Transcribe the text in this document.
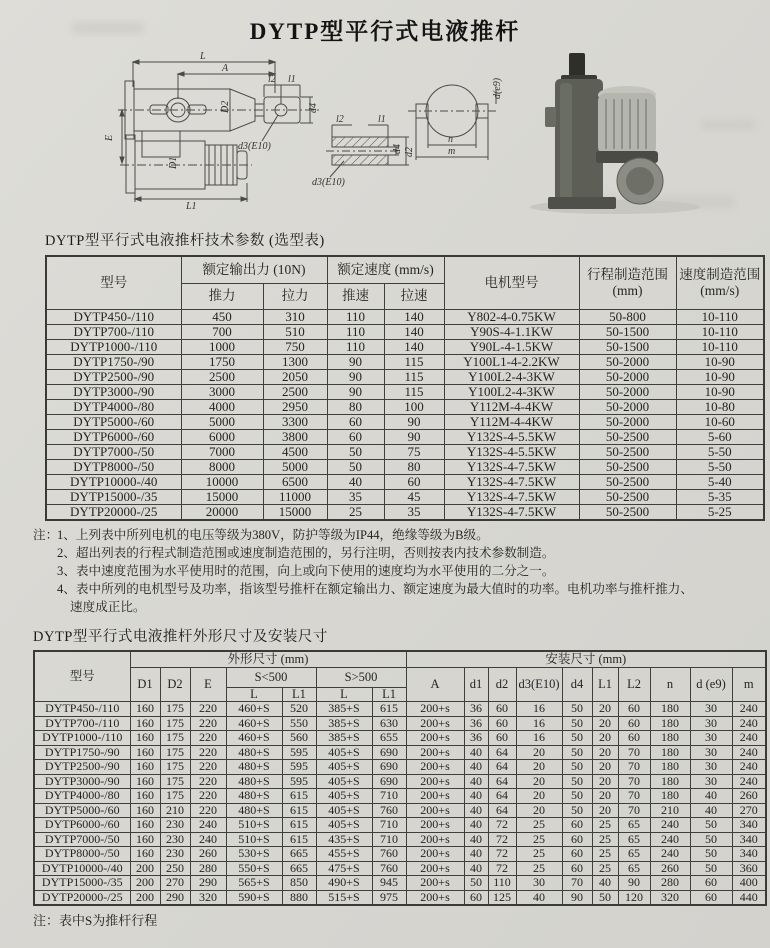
DYTP型平行式电液推杆
L
A
l2 l1
D2	d4
d3(E10)
E
D1
L1
l2	l1
d4 d2
d3(E10)
n
m
d(e9)
DYTP型平行式电液推杆技术参数 (选型表)
型号	额定输出力 (10N)		额定速度 (mm/s)		电机型号	行程制造范围 (mm)	速度制造范围 (mm/s)
	推力	拉力	推速	拉速			
DYTP450-/110	450	310	110	140	Y802-4-0.75KW	50-800	10-110
DYTP700-/110	700	510	110	140	Y90S-4-1.1KW	50-1500	10-110
DYTP1000-/110	1000	750	110	140	Y90L-4-1.5KW	50-1500	10-110
DYTP1750-/90	1750	1300	90	115	Y100L1-4-2.2KW	50-2000	10-90
DYTP2500-/90	2500	2050	90	115	Y100L2-4-3KW	50-2000	10-90
DYTP3000-/90	3000	2500	90	115	Y100L2-4-3KW	50-2000	10-90
DYTP4000-/80	4000	2950	80	100	Y112M-4-4KW	50-2000	10-80
DYTP5000-/60	5000	3300	60	90	Y112M-4-4KW	50-2000	10-60
DYTP6000-/60	6000	3800	60	90	Y132S-4-5.5KW	50-2500	5-60
DYTP7000-/50	7000	4500	50	75	Y132S-4-5.5KW	50-2500	5-50
DYTP8000-/50	8000	5000	50	80	Y132S-4-7.5KW	50-2500	5-50
DYTP10000-/40	10000	6500	40	60	Y132S-4-7.5KW	50-2500	5-40
DYTP15000-/35	15000	11000	35	45	Y132S-4-7.5KW	50-2500	5-35
DYTP20000-/25	20000	15000	25	35	Y132S-4-7.5KW	50-2500	5-25
注：
1、上列表中所列电机的电压等级为380V，防护等级为IP44，绝缘等级为B级。
2、超出列表的行程式制造范围或速度制造范围的，另行注明，否则按表内技术参数制造。
3、表中速度范围为水平使用时的范围，向上或向下使用的速度均为水平使用的二分之一。
4、表中所列的电机型号及功率，指该型号推杆在额定输出力、额定速度为最大值时的功率。电机功率与推杆推力、
速度成正比。
DYTP型平行式电液推杆外形尺寸及安装尺寸
型号	外形尺寸 (mm)							安装尺寸 (mm)									
	D1	D2	E	S<500		S>500		A	d1	d2	d3(E10)	d4	L1	L2	n	d (e9)	m
				L	L1	L	L1										
DYTP450-/110	160	175	220	460+S	520	385+S	615	200+s	36	60	16	50	20	60	180	30	240
DYTP700-/110	160	175	220	460+S	550	385+S	630	200+s	36	60	16	50	20	60	180	30	240
DYTP1000-/110	160	175	220	460+S	560	385+S	655	200+s	36	60	16	50	20	60	180	30	240
DYTP1750-/90	160	175	220	480+S	595	405+S	690	200+s	40	64	20	50	20	70	180	30	240
DYTP2500-/90	160	175	220	480+S	595	405+S	690	200+s	40	64	20	50	20	70	180	30	240
DYTP3000-/90	160	175	220	480+S	595	405+S	690	200+s	40	64	20	50	20	70	180	30	240
DYTP4000-/80	160	175	220	480+S	615	405+S	710	200+s	40	64	20	50	20	70	180	40	260
DYTP5000-/60	160	210	220	480+S	615	405+S	760	200+s	40	64	20	50	20	70	210	40	270
DYTP6000-/60	160	230	240	510+S	615	405+S	710	200+s	40	72	25	60	25	65	240	50	340
DYTP7000-/50	160	230	240	510+S	615	435+S	710	200+s	40	72	25	60	25	65	240	50	340
DYTP8000-/50	160	230	260	530+S	665	455+S	760	200+s	40	72	25	60	25	65	240	50	340
DYTP10000-/40	200	250	280	550+S	665	475+S	760	200+s	40	72	25	60	25	65	260	50	360
DYTP15000-/35	200	270	290	565+S	850	490+S	945	200+s	50	110	30	70	40	90	280	60	400
DYTP20000-/25	200	290	320	590+S	880	515+S	975	200+s	60	125	40	90	50	120	320	60	440
注：表中S为推杆行程
